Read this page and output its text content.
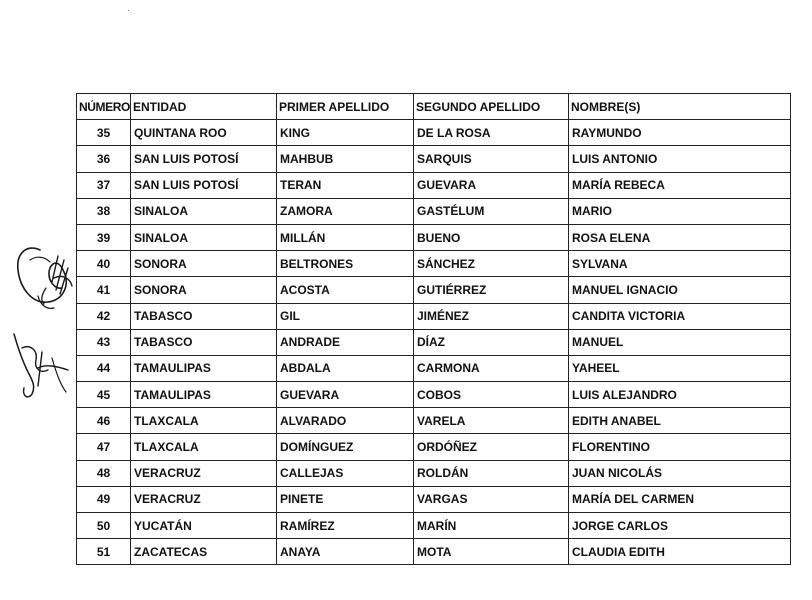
NÚMERO	ENTIDAD	PRIMER APELLIDO	SEGUNDO APELLIDO	NOMBRE(S)
35	QUINTANA ROO	KING	DE LA ROSA	RAYMUNDO
36	SAN LUIS POTOSÍ	MAHBUB	SARQUIS	LUIS ANTONIO
37	SAN LUIS POTOSÍ	TERAN	GUEVARA	MARÍA REBECA
38	SINALOA	ZAMORA	GASTÉLUM	MARIO
39	SINALOA	MILLÁN	BUENO	ROSA ELENA
40	SONORA	BELTRONES	SÁNCHEZ	SYLVANA
41	SONORA	ACOSTA	GUTIÉRREZ	MANUEL IGNACIO
42	TABASCO	GIL	JIMÉNEZ	CANDITA VICTORIA
43	TABASCO	ANDRADE	DÍAZ	MANUEL
44	TAMAULIPAS	ABDALA	CARMONA	YAHEEL
45	TAMAULIPAS	GUEVARA	COBOS	LUIS ALEJANDRO
46	TLAXCALA	ALVARADO	VARELA	EDITH ANABEL
47	TLAXCALA	DOMÍNGUEZ	ORDÓÑEZ	FLORENTINO
48	VERACRUZ	CALLEJAS	ROLDÁN	JUAN NICOLÁS
49	VERACRUZ	PINETE	VARGAS	MARÍA DEL CARMEN
50	YUCATÁN	RAMÍREZ	MARÍN	JORGE CARLOS
51	ZACATECAS	ANAYA	MOTA	CLAUDIA EDITH
